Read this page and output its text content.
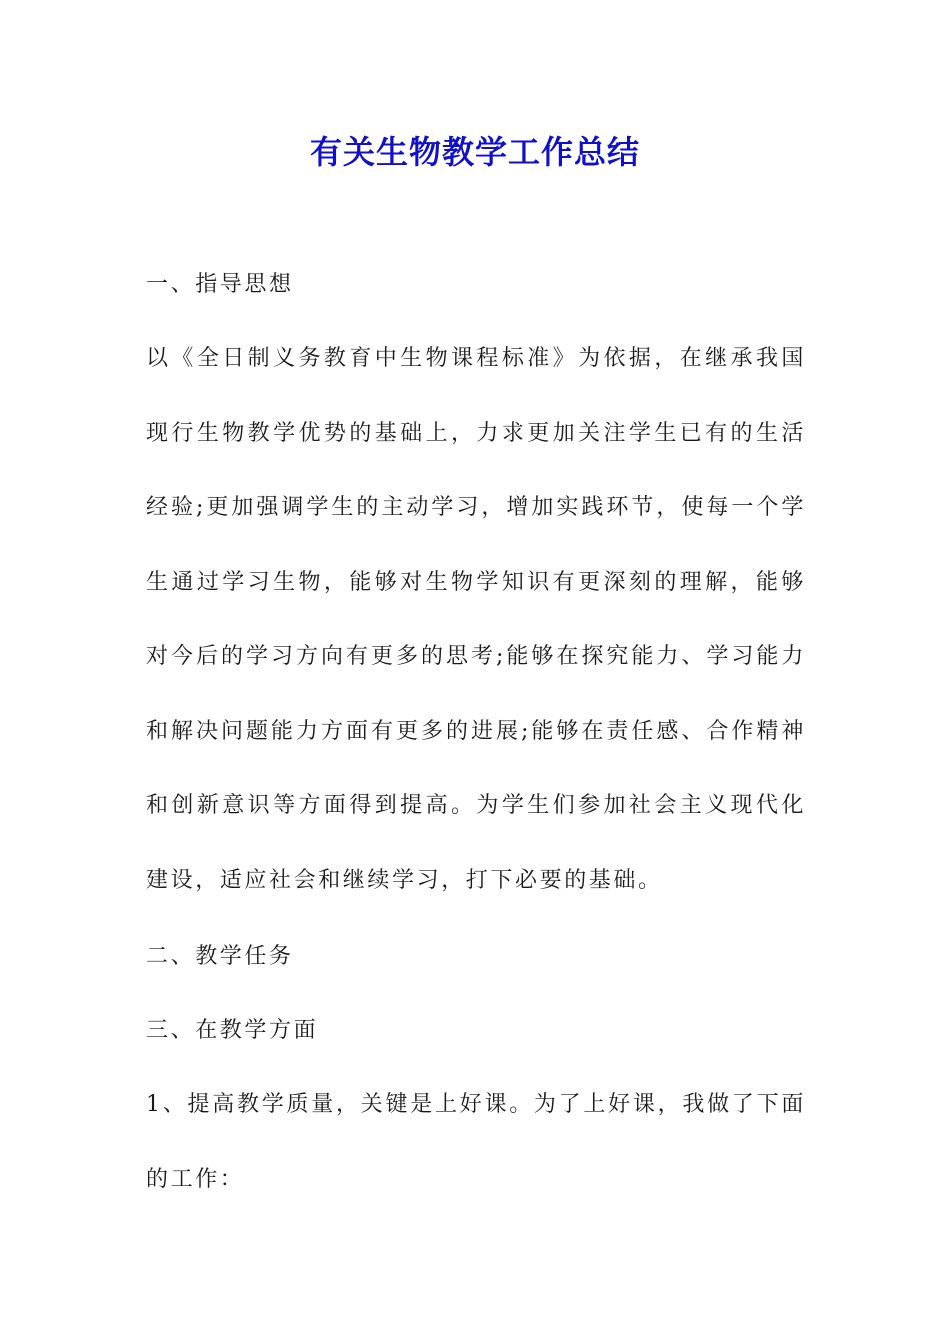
有关生物教学工作总结
一、指导思想
以《全日制义务教育中生物课程标准》为依据，在继承我国现行生物教学优势的基础上，力求更加关注学生已有的生活经验;更加强调学生的主动学习，增加实践环节，使每一个学生通过学习生物，能够对生物学知识有更深刻的理解，能够对今后的学习方向有更多的思考;能够在探究能力、学习能力和解决问题能力方面有更多的进展;能够在责任感、合作精神和创新意识等方面得到提高。为学生们参加社会主义现代化建设，适应社会和继续学习，打下必要的基础。
二、教学任务
三、在教学方面
1、提高教学质量，关键是上好课。为了上好课，我做了下面的工作：
